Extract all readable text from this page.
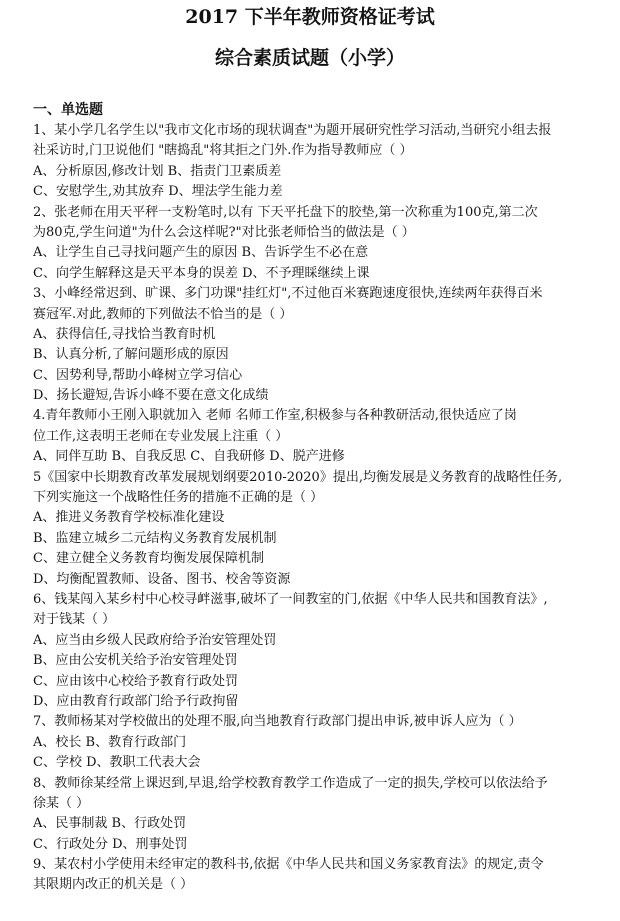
2017 下半年教师资格证考试
综合素质试题（小学）
一、单选题
1、某小学几名学生以"我市文化市场的现状调查"为题开展研究性学习活动,当研究小组去报
社采访时,门卫说他们 "瞎捣乱"将其拒之门外.作为指导教师应（ ）
A、分析原因,修改计划 B、指责门卫素质差
C、安慰学生,劝其放弃 D、埋法学生能力差
2、张老师在用天平秤一支粉笔时,以有 下天平托盘下的胶垫,第一次称重为100克,第二次
为80克,学生问道"为什么会这样呢?"对比张老师恰当的做法是（ ）
A、让学生自己寻找问题产生的原因 B、告诉学生不必在意
C、向学生解释这是天平本身的误差 D、不予理睬继续上课
3、小峰经常迟到、旷课、多门功课"挂红灯",不过他百米赛跑速度很快,连续两年获得百米
赛冠军.对此,教师的下列做法不恰当的是（ ）
A、获得信任,寻找恰当教育时机
B、认真分析,了解问题形成的原因
C、因势利导,帮助小峰树立学习信心
D、扬长避短,告诉小峰不要在意文化成绩
4.青年教师小王刚入职就加入 老师 名师工作室,积极参与各种教研活动,很快适应了岗
位工作,这表明王老师在专业发展上注重（ ）
A、同伴互助 B、自我反思 C、自我研修 D、脱产进修
5《国家中长期教育改革发展规划纲要2010-2020》提出,均衡发展是义务教育的战略性任务,
下列实施这一个战略性任务的措施不正确的是（ ）
A、推进义务教育学校标准化建设
B、监建立城乡二元结构义务教育发展机制
C、建立健全义务教育均衡发展保障机制
D、均衡配置教师、设备、图书、校舍等资源
6、钱某闯入某乡村中心校寻衅滋事,破坏了一间教室的门,依据《中华人民共和国教育法》,
对于钱某（ ）
A、应当由乡级人民政府给予治安管理处罚
B、应由公安机关给予治安管理处罚
C、应由该中心校给予教育行政处罚
D、应由教育行政部门给予行政拘留
7、教师杨某对学校做出的处理不服,向当地教育行政部门提出申诉,被申诉人应为（ ）
A、校长 B、教育行政部门
C、学校 D、教职工代表大会
8、教师徐某经常上课迟到,早退,给学校教育教学工作造成了一定的损失,学校可以依法给予
徐某（ ）
A、民事制裁 B、行政处罚
C、行政处分 D、刑事处罚
9、某农村小学使用未经审定的教科书,依据《中华人民共和国义务家教育法》的规定,责令
其限期内改正的机关是（ ）
